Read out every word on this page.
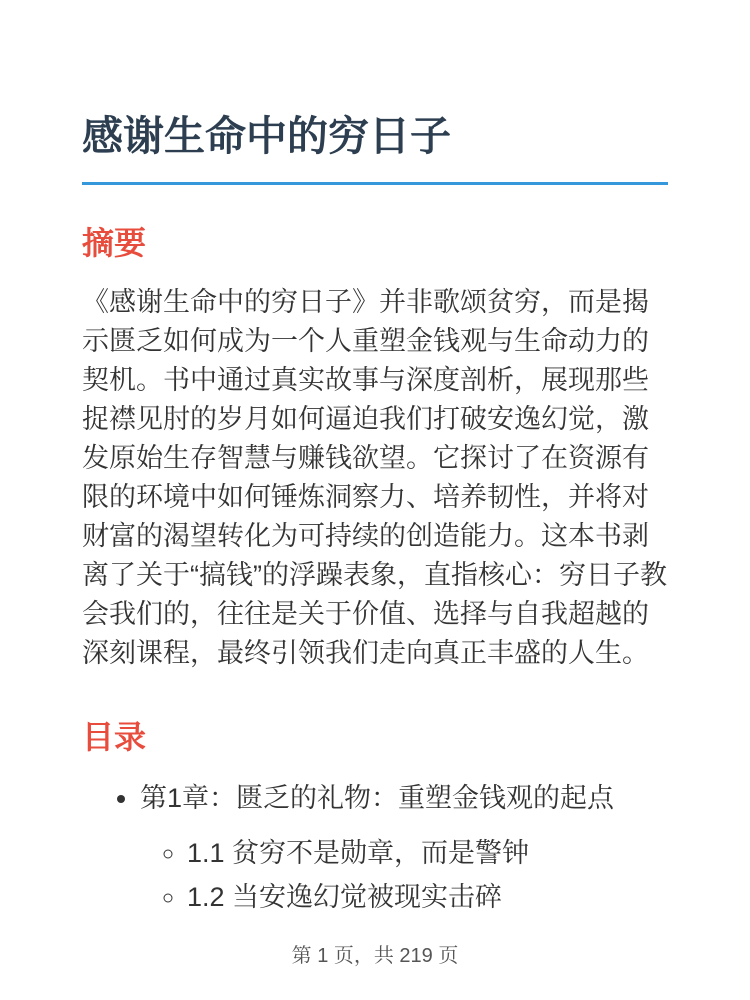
感谢生命中的穷日子
摘要

《感谢生命中的穷日子》并非歌颂贫穷，而是揭示匮乏如何成为一个人重塑金钱观与生命动力的契机。书中通过真实故事与深度剖析，展现那些捉襟见肘的岁月如何逼迫我们打破安逸幻觉，激发原始生存智慧与赚钱欲望。它探讨了在资源有限的环境中如何锤炼洞察力、培养韧性，并将对财富的渴望转化为可持续的创造能力。这本书剥离了关于“搞钱”的浮躁表象，直指核心：穷日子教会我们的，往往是关于价值、选择与自我超越的深刻课程，最终引领我们走向真正丰盛的人生。

目录
• 第1章：匮乏的礼物：重塑金钱观的起点
◦ 1.1 贫穷不是勋章，而是警钟
◦ 1.2 当安逸幻觉被现实击碎
第 1 页，共 219 页
